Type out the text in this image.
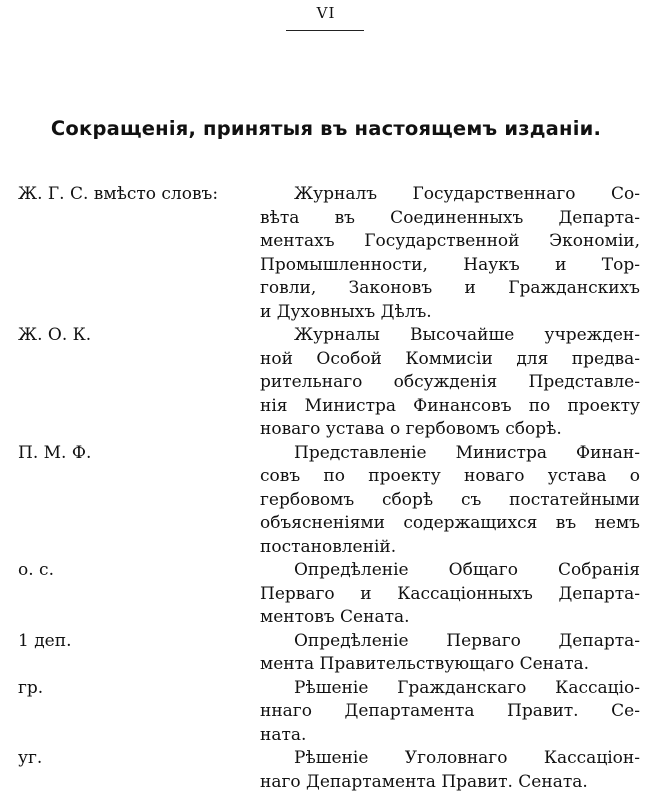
VI
Сокращенія, принятыя въ настоящемъ изданіи.
Ж. Г. С. вмѣсто словъ:	Журналъ Государственнаго Со-
вѣта въ Соединенныхъ Департа-
ментахъ Государственной Экономіи,
Промышленности, Наукъ и Тор-
говли, Законовъ и Гражданскихъ
и Духовныхъ Дѣлъ.
Ж. О. К.	Журналы Высочайше учрежден-
ной Особой Коммисіи для предва-
рительнаго обсужденія Представле-
нія Министра Финансовъ по проекту
новаго устава о гербовомъ сборѣ.
П. М. Ф.	Представленіе Министра Финан-
совъ по проекту новаго устава о
гербовомъ сборѣ съ постатейными
объясненіями содержащихся въ немъ
постановленій.
о. с.	Опредѣленіе Общаго Собранія
Перваго и Кассаціонныхъ Департа-
ментовъ Сената.
1 деп.	Опредѣленіе Перваго Департа-
мента Правительствующаго Сената.
гр.	Рѣшеніе Гражданскаго Кассаціо-
ннаго Департамента Правит. Се-
ната.
уг.	Рѣшеніе Уголовнаго Кассаціон-
наго Департамента Правит. Сената.
